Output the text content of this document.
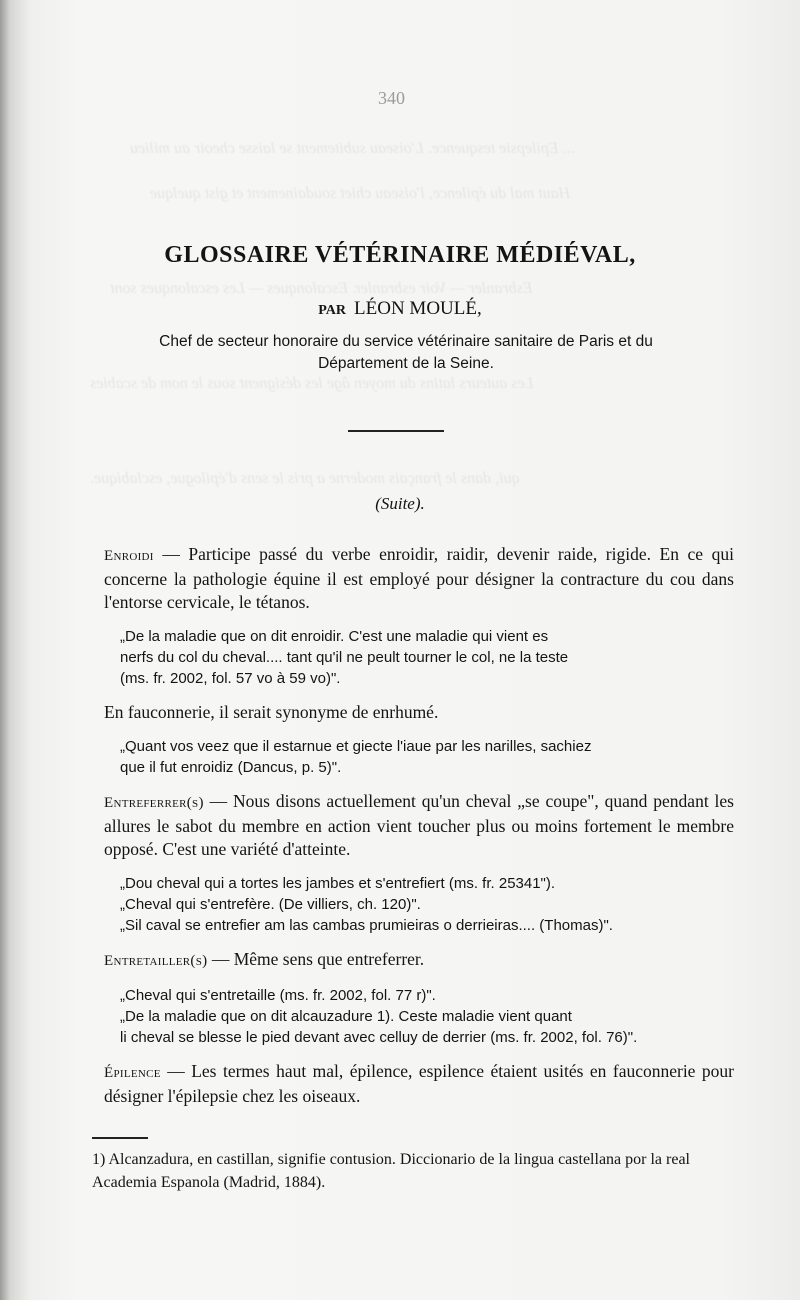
... Epilepsie tesquence. L'oiseau subitement se laisse cheoir au milieu
Haut mal du épilence, l'oiseau chiet soudainement et gist quelque
Esbranler — Voir esbranler. Escalonques — Les escalonques sont
Les auteurs latins du moyen âge les désignent sous le nom de scabies
qui, dans le français moderne a pris le sens d'épilogue, esclabique.
340
GLOSSAIRE VÉTÉRINAIRE MÉDIÉVAL,
PAR LÉON MOULÉ,
Chef de secteur honoraire du service vétérinaire sanitaire de Paris et du
Département de la Seine.
(Suite).

Enroidi — Participe passé du verbe enroidir, raidir, devenir raide, rigide. En ce qui concerne la pathologie équine il est employé pour désigner la contracture du cou dans l'entorse cervicale, le tétanos.

„De la maladie que on dit enroidir. C'est une maladie qui vient es
nerfs du col du cheval.... tant qu'il ne peult tourner le col, ne la teste
(ms. fr. 2002, fol. 57 vo à 59 vo)".

En fauconnerie, il serait synonyme de enrhumé.

„Quant vos veez que il estarnue et giecte l'iaue par les narilles, sachiez
que il fut enroidiz (Dancus, p. 5)".

Entreferrer(s) — Nous disons actuellement qu'un cheval „se coupe", quand pendant les allures le sabot du membre en action vient toucher plus ou moins fortement le membre opposé. C'est une variété d'atteinte.

„Dou cheval qui a tortes les jambes et s'entrefiert (ms. fr. 25341").
„Cheval qui s'entrefère. (De villiers, ch. 120)".
„Sil caval se entrefier am las cambas prumieiras o derrieiras.... (Thomas)".

Entretailler(s) — Même sens que entreferrer.

„Cheval qui s'entretaille (ms. fr. 2002, fol. 77 r)".
„De la maladie que on dit alcauzadure 1). Ceste maladie vient quant
li cheval se blesse le pied devant avec celluy de derrier (ms. fr. 2002, fol. 76)".

Épilence — Les termes haut mal, épilence, espilence étaient usités en fauconnerie pour désigner l'épilepsie chez les oiseaux.

1) Alcanzadura, en castillan, signifie contusion. Diccionario de la lingua castellana por la real Academia Espanola (Madrid, 1884).
